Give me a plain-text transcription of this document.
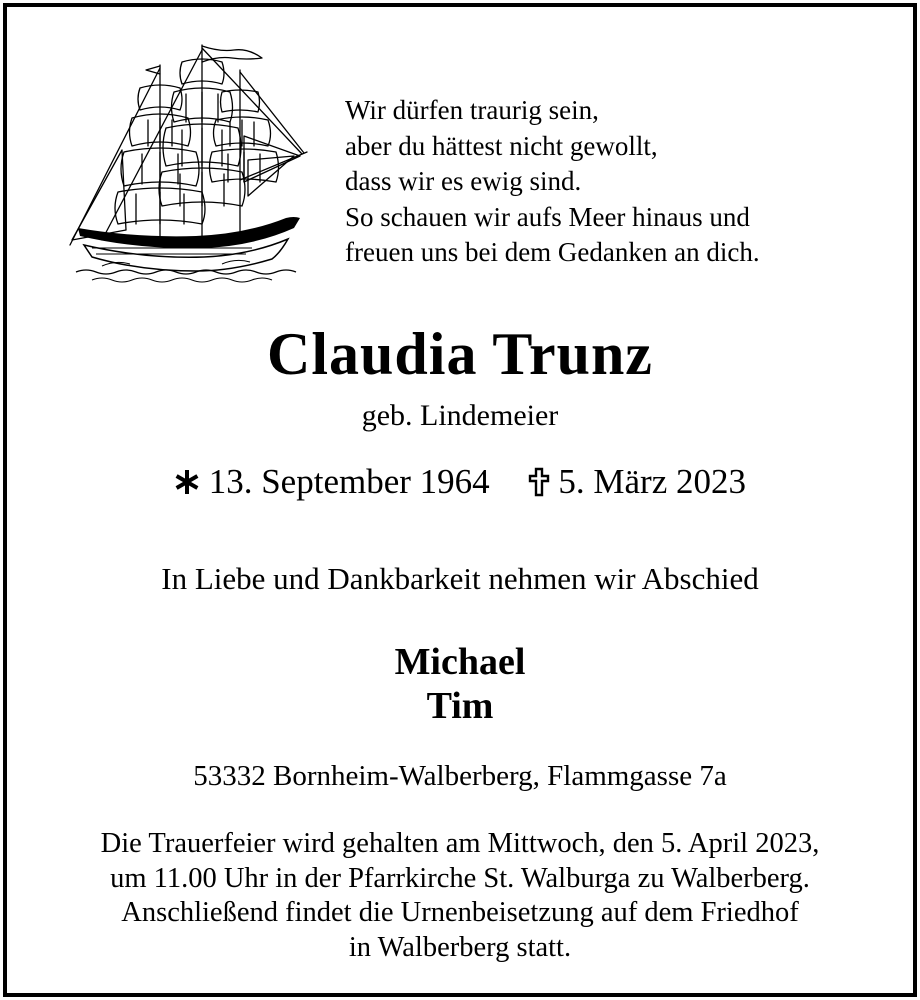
Wir dürfen traurig sein,
aber du hättest nicht gewollt,
dass wir es ewig sind.
So schauen wir aufs Meer hinaus und
freuen uns bei dem Gedanken an dich.
Claudia Trunz
geb. Lindemeier
13. September 1964 5. März 2023
In Liebe und Dankbarkeit nehmen wir Abschied
Michael
Tim
53332 Bornheim-Walberberg, Flammgasse 7a
Die Trauerfeier wird gehalten am Mittwoch, den 5. April 2023,
um 11.00 Uhr in der Pfarrkirche St. Walburga zu Walberberg.
Anschließend findet die Urnenbeisetzung auf dem Friedhof
in Walberberg statt.
